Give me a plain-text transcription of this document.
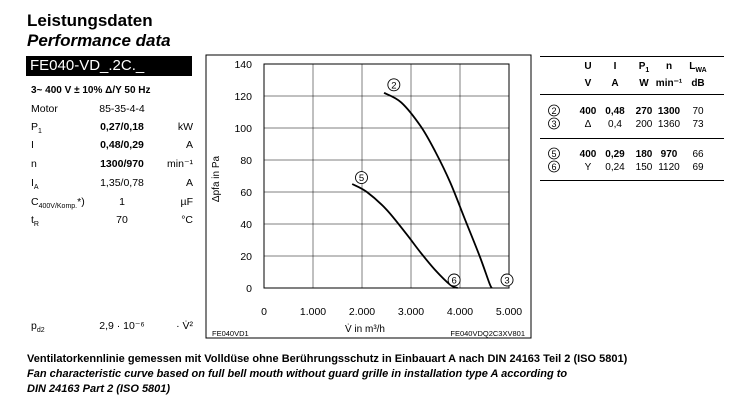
Leistungsdaten
Performance data
FE040-VD_.2C._
3~ 400 V ± 10% Δ/Y 50 Hz
Motor	85-35-4-4
$P_1$	0,27/0,18	kW
I	0,48/0,29	A
n	1300/970	min⁻¹
$I_A$	1,35/0,78	A
$C_{400V/Komp.}*$)	1	µF
$t_R$	70	°C
$p_{d2}$	2,9 · 10⁻⁶	· V̇²
0	1.000 2.000 3.000 4.000 5.000
0
20
40
60
80
100
120
140
V̇ in m³/h
Δpfa in Pa
FE040VD1	FE040VDQ2C3XV801
2
3
5
6
U I $P_1$ n $L_{WA}$
V A W min⁻¹ dB
2 400 0,48 270 1300 70
3	Δ 0,4 200 1360 73
5 400 0,29 180 970 66
6	Y 0,24 150 1120 69
Ventilatorkennlinie gemessen mit Volldüse ohne Berührungsschutz in Einbauart A nach DIN 24163 Teil 2 (ISO 5801)
Fan characteristic curve based on full bell mouth without guard grille in installation type A according to
DIN 24163 Part 2 (ISO 5801)
